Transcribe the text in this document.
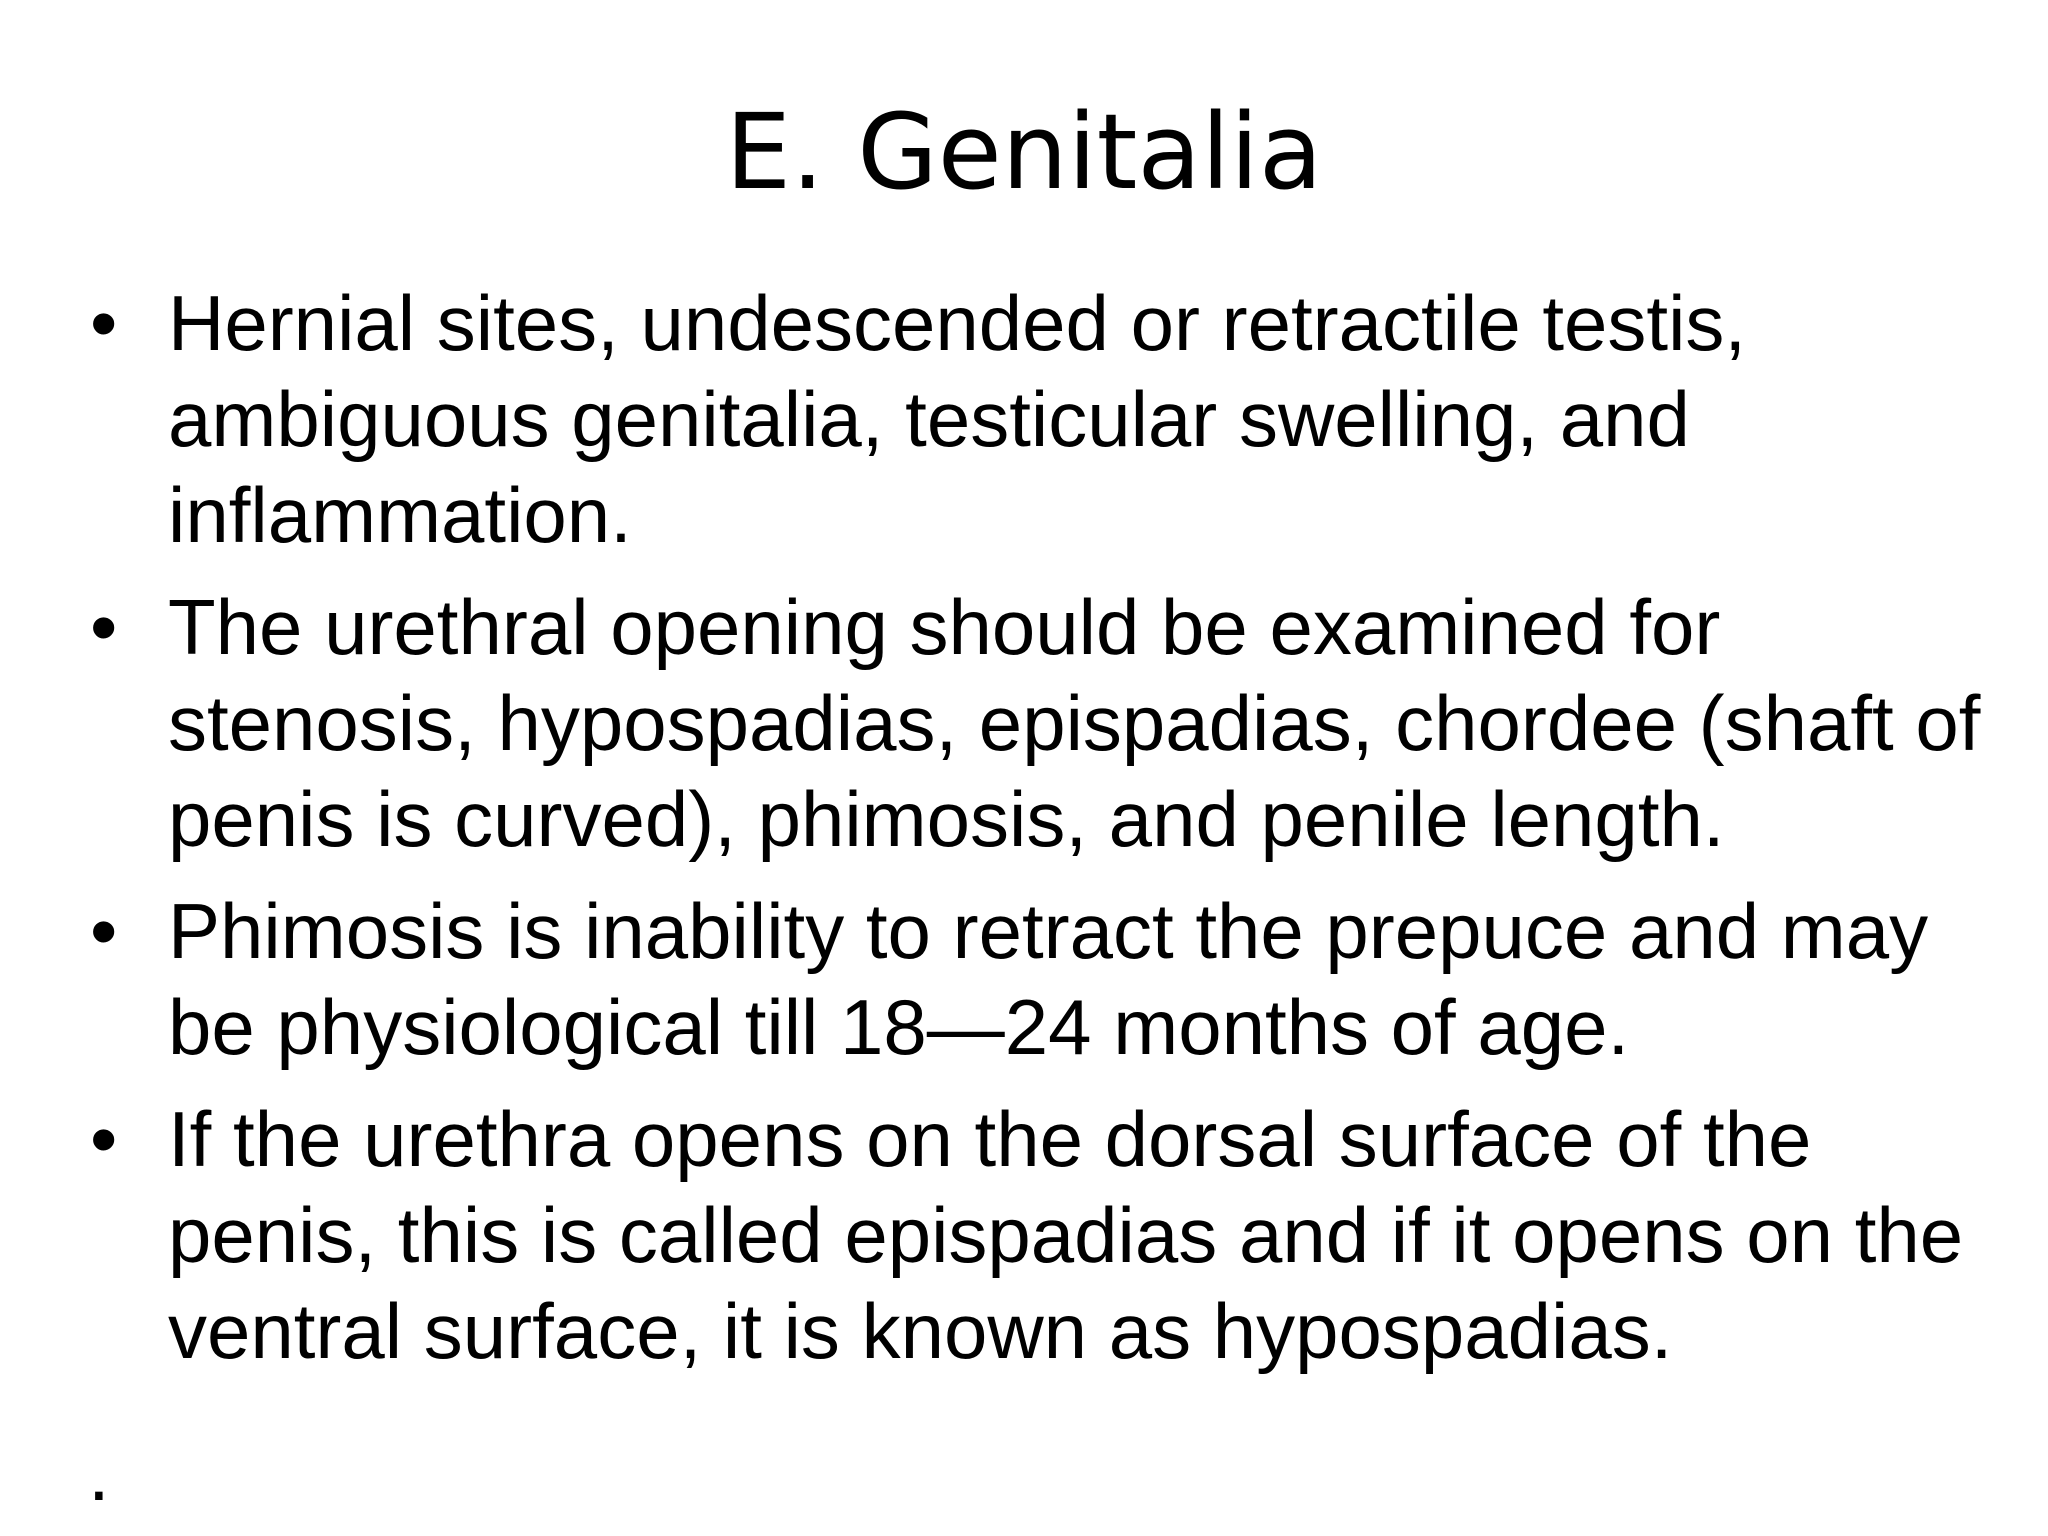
E. Genitalia
• Hernial sites, undescended or retractile testis, ambiguous genitalia, testicular swelling, and inflammation.
• The urethral opening should be examined for stenosis, hypospadias, epispadias, chordee (shaft of penis is curved), phimosis, and penile length.
• Phimosis is inability to retract the prepuce and may be physiological till 18—24 months of age.
• If the urethra opens on the dorsal surface of the penis, this is called epispadias and if it opens on the ventral surface, it is known as hypospadias.
.
